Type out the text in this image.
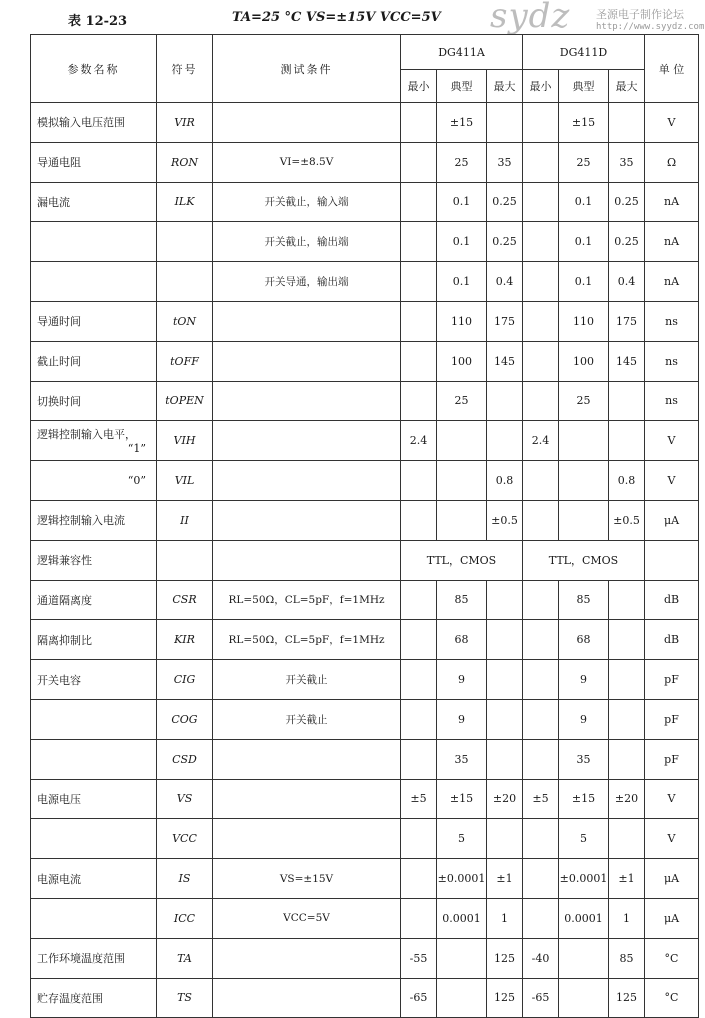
表 12-23	TA=25 °C VS=±15V VCC=5V sydz 圣源电子制作论坛
http://www.syydz.com
参数名称	符号	测试条件	DG411A			DG411D			单 位
			最小	典型	最大	最小	典型	最大	
模拟输入电压范围	VIR			±15			±15		V
导通电阻	RON	VI=±8.5V		25	35		25	35	Ω
漏电流	ILK	开关截止，输入端		0.1	0.25		0.1	0.25	nA
		开关截止，输出端		0.1	0.25		0.1	0.25	nA
		开关导通，输出端		0.1	0.4		0.1	0.4	nA
导通时间	tON			110	175		110	175	ns
截止时间	tOFF			100	145		100	145	ns
切换时间	tOPEN			25			25		ns
逻辑控制输入电平，
“1”	VIH		2.4			2.4			V

“0”	VIL				0.8			0.8	V
逻辑控制输入电流	II				±0.5			±0.5	μA
逻辑兼容性			TTL，CMOS			TTL，CMOS			
通道隔离度	CSR	RL=50Ω，CL=5pF，f=1MHz		85			85		dB
隔离抑制比	KIR	RL=50Ω，CL=5pF，f=1MHz		68			68		dB
开关电容	CIG	开关截止		9			9		pF
	COG	开关截止		9			9		pF
	CSD			35			35		pF
电源电压	VS		±5	±15	±20	±5	±15	±20	V
	VCC			5			5		V
电源电流	IS	VS=±15V		±0.0001	±1		±0.0001	±1	μA
	ICC	VCC=5V		0.0001	1		0.0001	1	μA
工作环境温度范围	TA		-55		125	-40		85	°C
贮存温度范围	TS		-65		125	-65		125	°C
